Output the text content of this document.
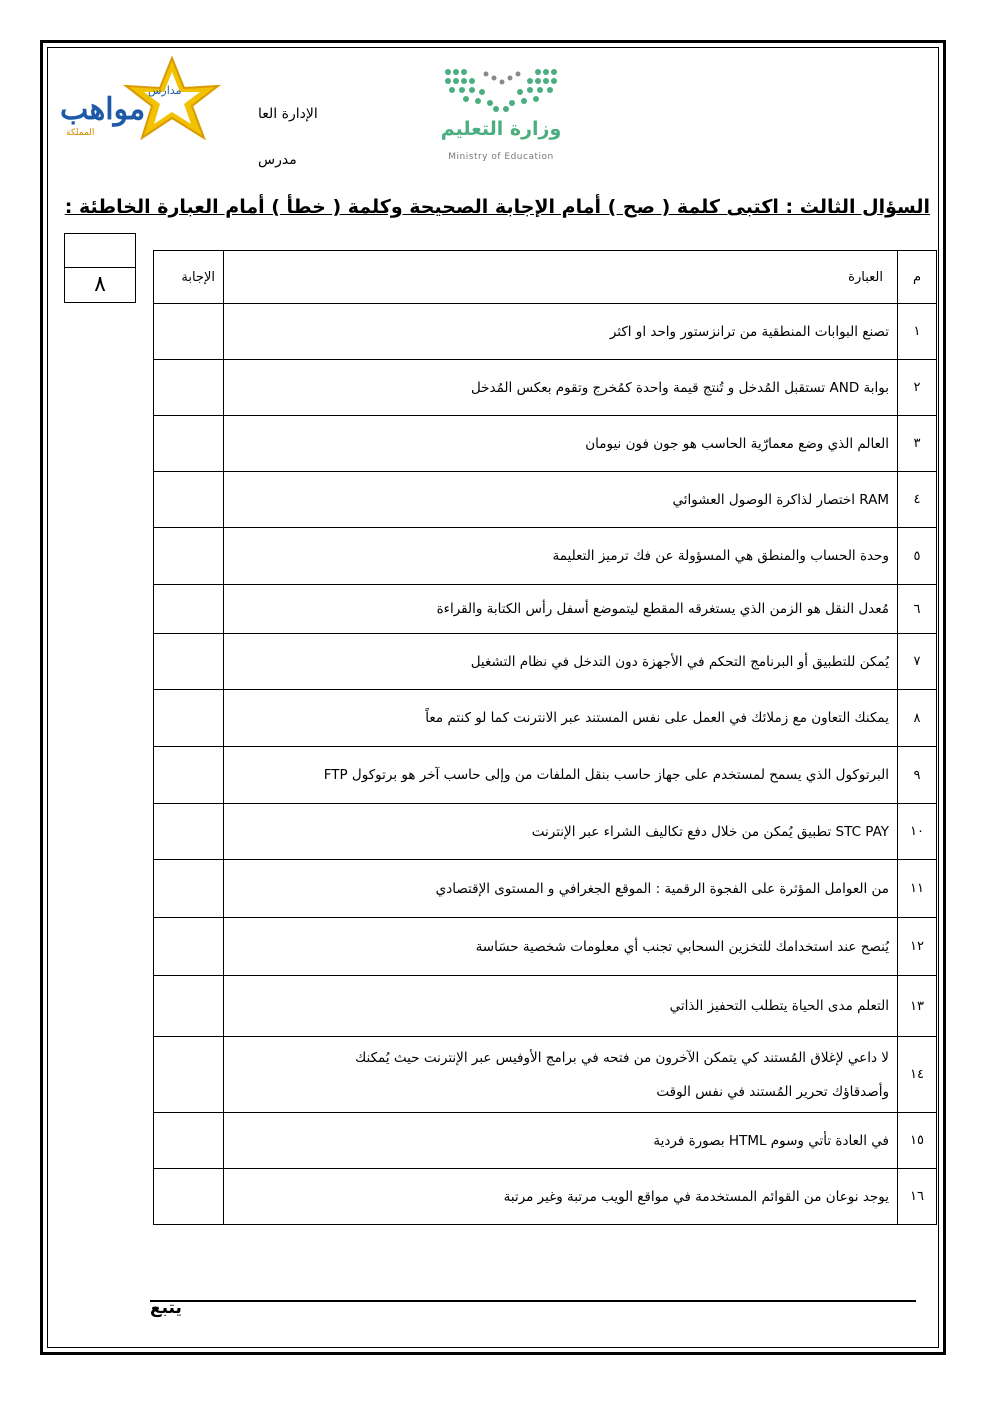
مدارس
مواهب
المملكة
الإدارة العا
مدرس
وزارة التعليم
Ministry of Education
السؤال الثالث : اكتبى كلمة ( صح ) أمام الإجابة الصحيحة وكلمة ( خطأ ) أمام العبارة الخاطئة :
٨	م	العبارة	الإجابة
١	تصنع البوابات المنطقية من ترانزستور واحد او اكثر	
٢	بوابة AND تستقبل المُدخل و تُنتج قيمة واحدة كمُخرج وتقوم بعكس المُدخل	
٣	العالم الذي وضع معمارّية الحاسب هو جون فون نيومان	
٤	RAM اختصار لذاكرة الوصول العشوائي	
٥	وحدة الحساب والمنطق هي المسؤولة عن فك ترميز التعليمة	
٦	مُعدل النقل هو الزمن الذي يستغرقه المقطع ليتموضع أسفل رأس الكتابة والقراءة	
٧	يُمكن للتطبيق أو البرنامج التحكم في الأجهزة دون التدخل في نظام التشغيل	
٨	يمكنك التعاون مع زملائك في العمل على نفس المستند عبر الانترنت كما لو كنتم معاً	
٩	البرتوكول الذي يسمح لمستخدم على جهاز حاسب بنقل الملفات من وإلى حاسب آخر هو برتوكول FTP	
١٠	STC PAY تطبيق يُمكن من خلال دفع تكاليف الشراء عبر الإنترنت	
١١	من العوامل المؤثرة على الفجوة الرقمية : الموقع الجغرافي و المستوى الإقتصادي	
١٢	يُنصح عند استخدامك للتخزين السحابي تجنب أي معلومات شخصية حسَاسة	
١٣	التعلم مدى الحياة يتطلب التحفيز الذاتي	
١٤	لا داعي لإغلاق المُستند كي يتمكن الآخرون من فتحه في برامج الأوفيس عبر الإنترنت حيث يُمكنك
وأصدقاؤك تحرير المُستند في نفس الوقت	

١٥	في العادة تأتي وسوم HTML بصورة فردية	
١٦	يوجد نوعان من القوائم المستخدمة في مواقع الويب مرتبة وغير مرتبة	
يتبع
